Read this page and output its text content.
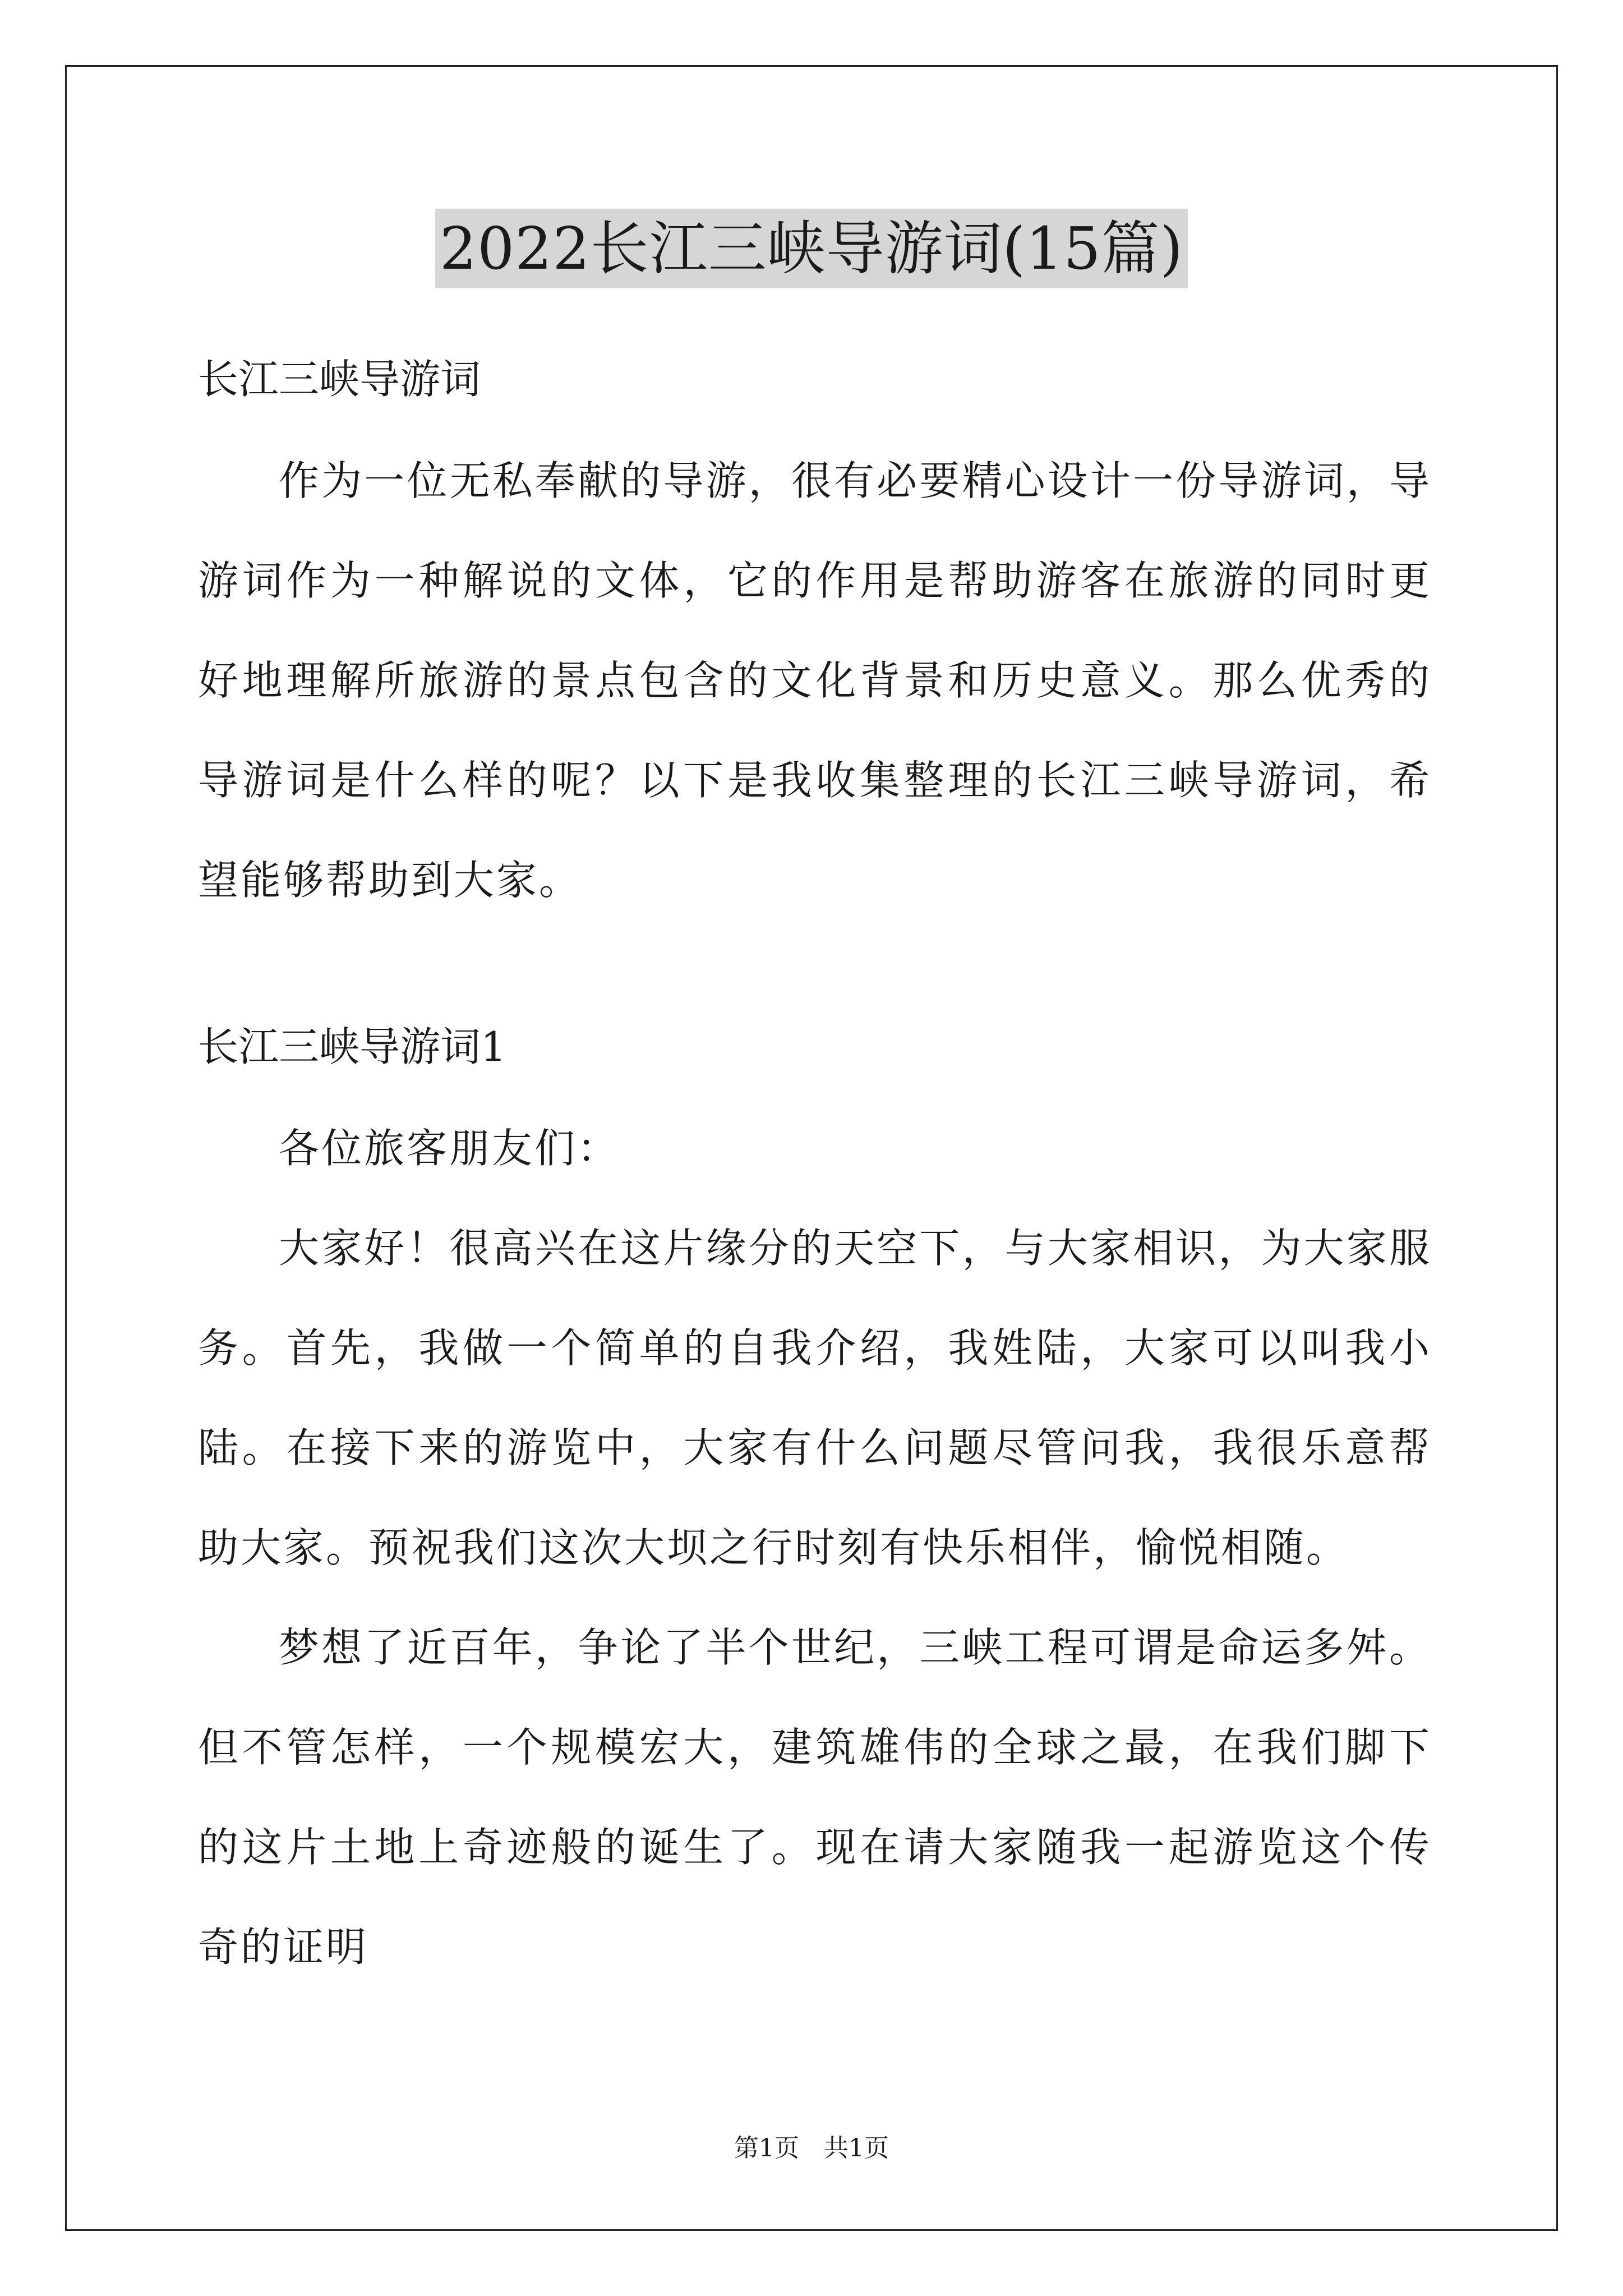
2022长江三峡导游词(15篇)

长江三峡导游词

作为一位无私奉献的导游，很有必要精心设计一份导游词，导游词作为一种解说的文体，它的作用是帮助游客在旅游的同时更好地理解所旅游的景点包含的文化背景和历史意义。那么优秀的导游词是什么样的呢？以下是我收集整理的长江三峡导游词，希望能够帮助到大家。

长江三峡导游词1

各位旅客朋友们：

大家好！很高兴在这片缘分的天空下，与大家相识，为大家服务。首先，我做一个简单的自我介绍，我姓陆，大家可以叫我小陆。在接下来的游览中，大家有什么问题尽管问我，我很乐意帮助大家。预祝我们这次大坝之行时刻有快乐相伴，愉悦相随。

梦想了近百年，争论了半个世纪，三峡工程可谓是命运多舛。但不管怎样，一个规模宏大，建筑雄伟的全球之最，在我们脚下的这片土地上奇迹般的诞生了。现在请大家随我一起游览这个传奇的证明

第1页　共1页
